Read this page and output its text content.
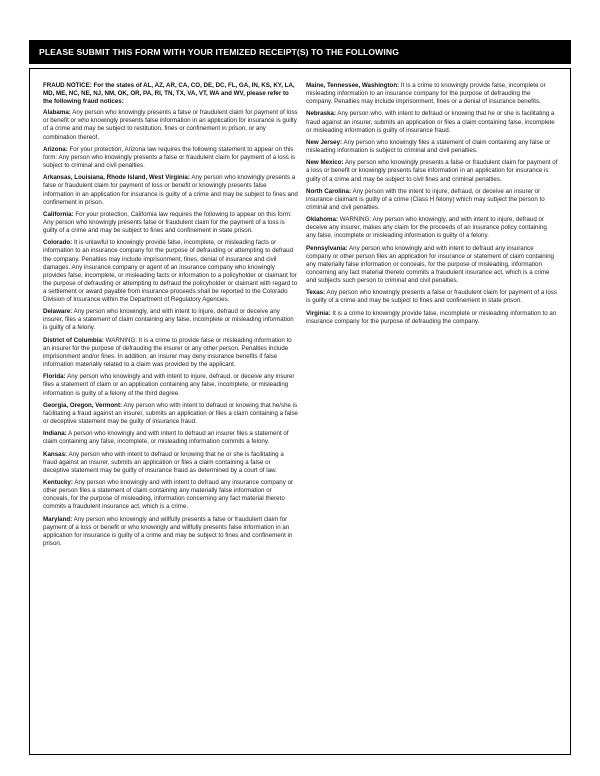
PLEASE SUBMIT THIS FORM WITH YOUR ITEMIZED RECEIPT(S) TO THE FOLLOWING

FRAUD NOTICE: For the states of AL, AZ, AR, CA, CO, DE, DC, FL, GA, IN, KS, KY, LA, MD, ME, NC, NE, NJ, NM, OK, OR, PA, RI, TN, TX, VA, VT, WA and WV, please refer to the following fraud notices:

Alabama: Any person who knowingly presents a false or fraudulent claim for payment of loss or benefit or who knowingly presents false information in an application for insurance is guilty of a crime and may be subject to restitution, fines or confinement in prison, or any combination thereof.

Arizona: For your protection, Arizona law requires the following statement to appear on this form: Any person who knowingly presents a false or fraudulent claim for payment of a loss is subject to criminal and civil penalties.

Arkansas, Louisiana, Rhode Island, West Virginia: Any person who knowingly presents a false or fraudulent claim for payment of loss or benefit or knowingly presents false information in an application for insurance is guilty of a crime and may be subject to fines and confinement in prison.

California: For your protection, California law requires the following to appear on this form: Any person who knowingly presents false or fraudulent claim for the payment of a loss is guilty of a crime and may be subject to fines and confinement in state prison.

Colorado: It is unlawful to knowingly provide false, incomplete, or misleading facts or information to an insurance company for the purpose of defrauding or attempting to defraud the company. Penalties may include imprisonment, fines, denial of insurance and civil damages. Any insurance company or agent of an insurance company who knowingly provides false, incomplete, or misleading facts or information to a policyholder or claimant for the purpose of defrauding or attempting to defraud the policyholder or claimant with regard to a settlement or award payable from insurance proceeds shall be reported to the Colorado Division of Insurance within the Department of Regulatory Agencies.

Delaware: Any person who knowingly, and with intent to injure, defraud or deceive any insurer, files a statement of claim containing any false, incomplete or misleading information is guilty of a felony.

District of Columbia: WARNING: It is a crime to provide false or misleading information to an insurer for the purpose of defrauding the insurer or any other person. Penalties include imprisonment and/or fines. In addition, an insurer may deny insurance benefits if false information materially related to a claim was provided by the applicant.

Florida: Any person who knowingly and with intent to injure, defraud, or deceive any insurer files a statement of claim or an application containing any false, incomplete, or misleading information is guilty of a felony of the third degree.

Georgia, Oregon, Vermont: Any person who with intent to defraud or knowing that he/she is facilitating a fraud against an insurer, submits an application or files a claim containing a false or deceptive statement may be guilty of insurance fraud.

Indiana: A person who knowingly and with intent to defraud an insurer files a statement of claim containing any false, incomplete, or misleading information commits a felony.

Kansas: Any person who with intent to defraud or knowing that he or she is facilitating a fraud against an insurer, submits an application or files a claim containing a false or deceptive statement may be guilty of insurance fraud as determined by a court of law.

Kentucky: Any person who knowingly and with intent to defraud any insurance company or other person files a statement of claim containing any materially false information or conceals, for the purpose of misleading, information concerning any fact material thereto commits a fraudulent insurance act, which is a crime.

Maryland: Any person who knowingly and willfully presents a false or fraudulent claim for payment of a loss or benefit or who knowingly and willfully presents false information in an application for insurance is guilty of a crime and may be subject to fines and confinement in prison.

Maine, Tennessee, Washington: It is a crime to knowingly provide false, incomplete or misleading information to an insurance company for the purpose of defrauding the company. Penalties may include imprisonment, fines or a denial of insurance benefits.

Nebraska: Any person who, with intent to defraud or knowing that he or she is facilitating a fraud against an insurer, submits an application or files a claim containing false, incomplete or misleading information is guilty of insurance fraud.

New Jersey: Any person who knowingly files a statement of claim containing any false or misleading information is subject to criminal and civil penalties.

New Mexico: Any person who knowingly presents a false or fraudulent claim for payment of a loss or benefit or knowingly presents false information in an application for insurance is guilty of a crime and may be subject to civil fines and criminal penalties.

North Carolina: Any person with the intent to injure, defraud, or deceive an insurer or insurance claimant is guilty of a crime (Class H felony) which may subject the person to criminal and civil penalties.

Oklahoma: WARNING: Any person who knowingly, and with intent to injure, defraud or deceive any insurer, makes any claim for the proceeds of an insurance policy containing any false, incomplete or misleading information is guilty of a felony.

Pennsylvania: Any person who knowingly and with intent to defraud any insurance company or other person files an application for insurance or statement of claim containing any materially false information or conceals, for the purpose of misleading, information concerning any fact material thereto commits a fraudulent insurance act, which is a crime and subjects such person to criminal and civil penalties.

Texas: Any person who knowingly presents a false or fraudulent claim for payment of a loss is guilty of a crime and may be subject to fines and confinement in state prison.

Virginia: It is a crime to knowingly provide false, incomplete or misleading information to an insurance company for the purpose of defrauding the company.
